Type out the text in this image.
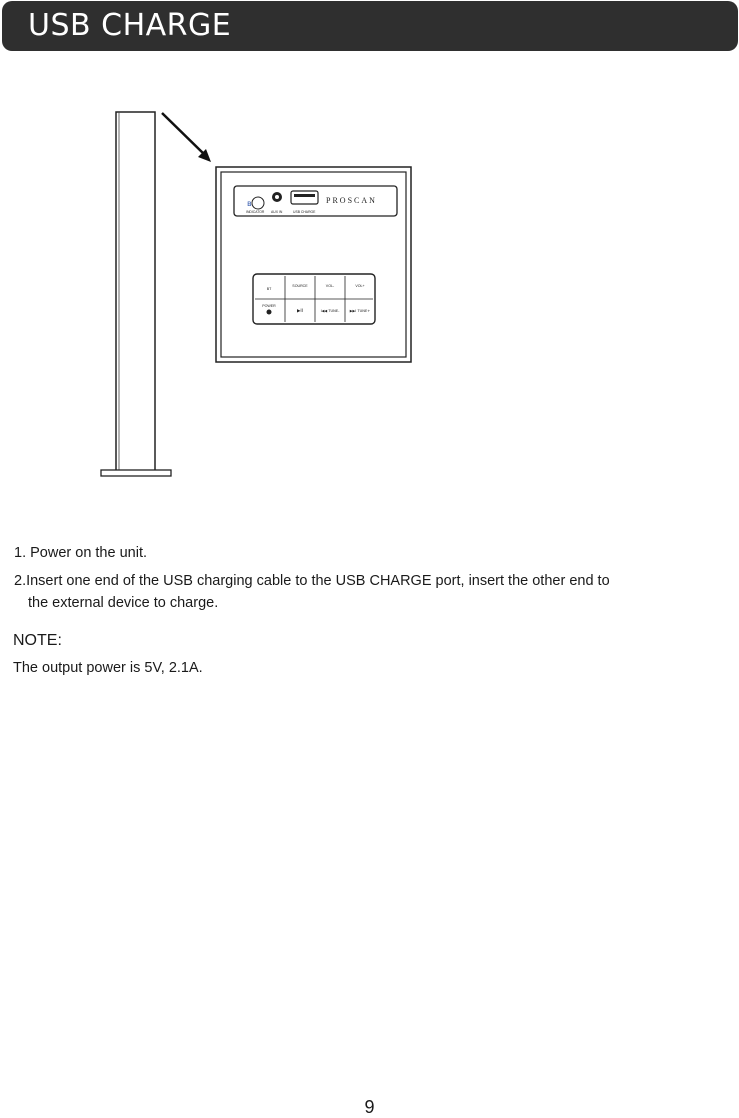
USB CHARGE
ʙ
INDICATOR AUX IN	USB CHARGE
PROSCAN
BT
SOURCE	VOL-	VOL+
POWER
▶II	I◀◀ TUNE-	▶▶I TUNE+
1. Power on the unit.
2.Insert one end of the USB charging cable to the USB CHARGE port, insert the other end to
the external device to charge.
NOTE:
The output power is 5V, 2.1A.
9
